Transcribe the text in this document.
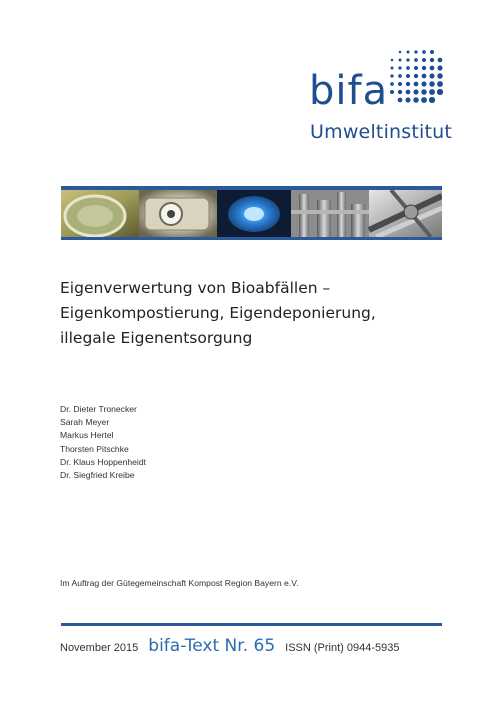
bifa
Umweltinstitut
Eigenverwertung von Bioabfällen –
Eigenkompostierung, Eigendeponierung,
illegale Eigenentsorgung
Dr. Dieter Tronecker
Sarah Meyer
Markus Hertel
Thorsten Pitschke
Dr. Klaus Hoppenheidt
Dr. Siegfried Kreibe
Im Auftrag der Gütegemeinschaft Kompost Region Bayern e.V.
November 2015 bifa-Text Nr. 65 ISSN (Print) 0944-5935
